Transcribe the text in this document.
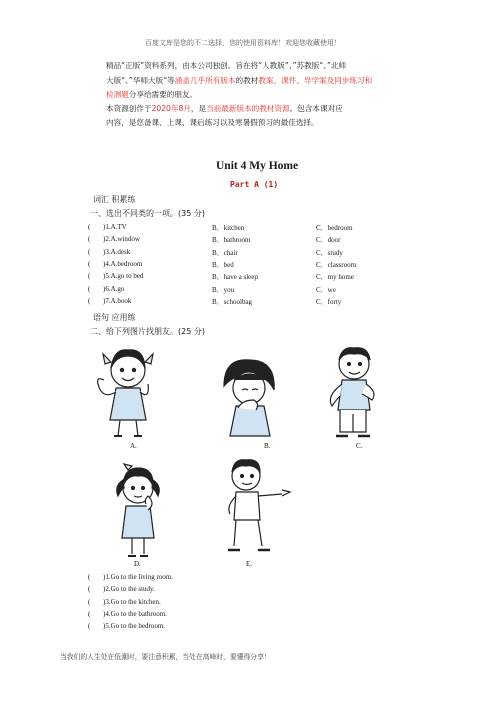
百度文库是您的不二选择，您的使用资料库！欢迎您收藏使用！
精品“正版”资料系列，由本公司独创。旨在将“人教版”、”苏教版“、”北师
大版“、”华师大版“等涵盖几乎所有版本的教材教案、课件、导学案及同步练习和
检测题分享给需要的朋友。
本资源创作于2020年8月，是当前最新版本的教材资源。包含本课对应
内容，是您备课、上课、课后练习以及寒暑假预习的最佳选择。
Unit 4 My Home
Part A (1)
词汇 积累练
一、选出不同类的一项。(35 分)
( )1.A.TV	B．kitchen	C．bedroom
( )2.A.window	B．bathroom	C．door
( )3.A.desk	B．chair	C．study
( )4.A.bedroom	B．bed	C．classroom
( )5.A.go to bed	B．have a sleep	C．my home
( )6.A.go	B．you	C．we
( )7.A.book	B．schoolbag	C．forty
语句 应用练
二、给下列图片找朋友。(25 分)
A.	B.	C.
D.	E.
( )1.Go to the living room.
( )2.Go to the study.
( )3.Go to the kitchen.
( )4.Go to the bathroom.
( )5.Go to the bedroom.
当我们的人生处在低潮时，要注意积累，当处在高峰时，要懂得分享！
